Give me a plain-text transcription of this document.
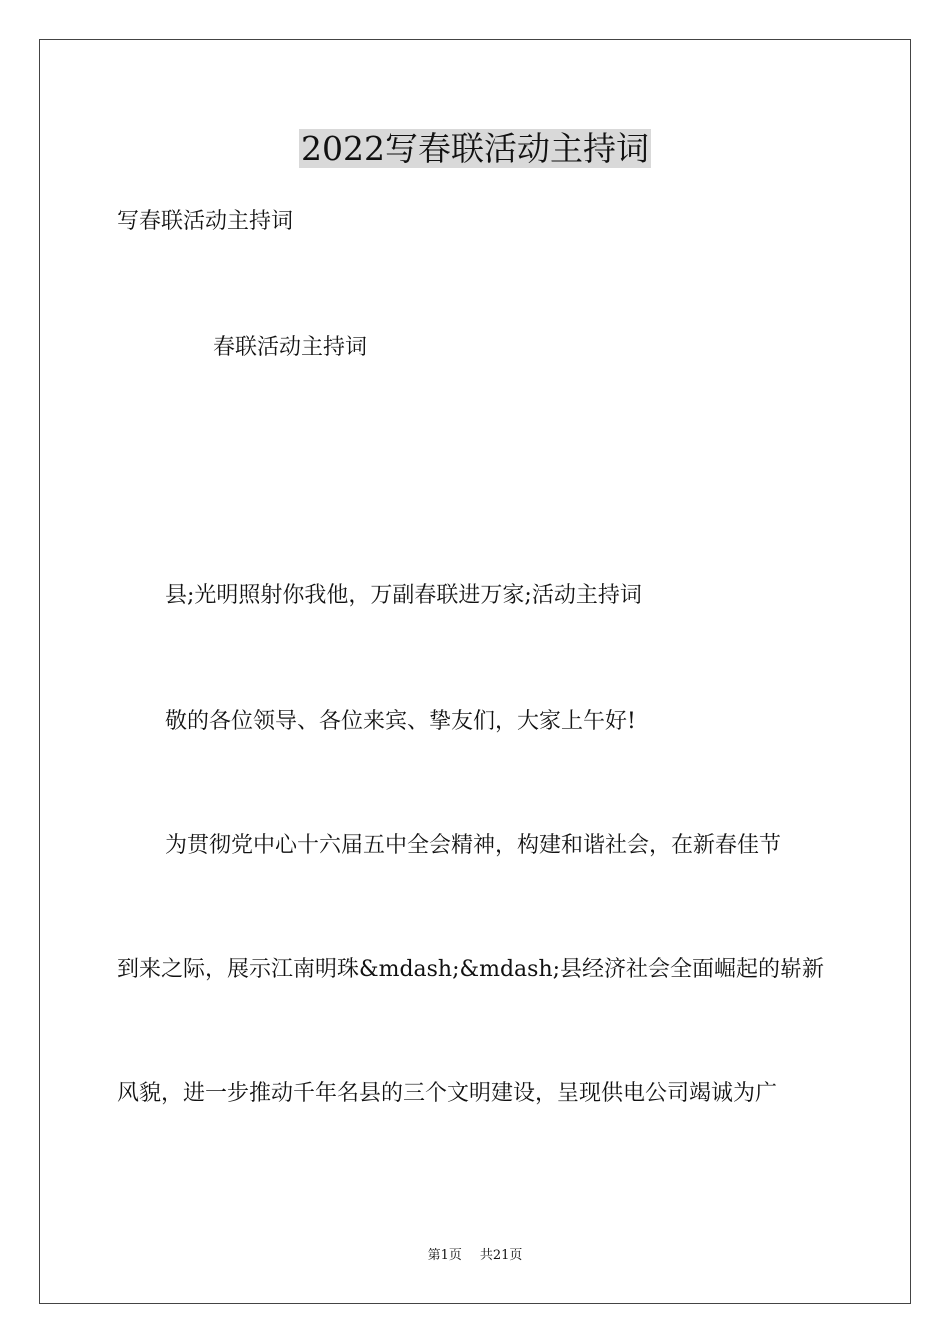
2022写春联活动主持词
写春联活动主持词
春联活动主持词
县;光明照射你我他，万副春联进万家;活动主持词
敬的各位领导、各位来宾、挚友们，大家上午好!
为贯彻党中心十六届五中全会精神，构建和谐社会，在新春佳节
到来之际，展示江南明珠&mdash;&mdash;县经济社会全面崛起的崭新
风貌，进一步推动千年名县的三个文明建设，呈现供电公司竭诚为广
第1页 共21页
